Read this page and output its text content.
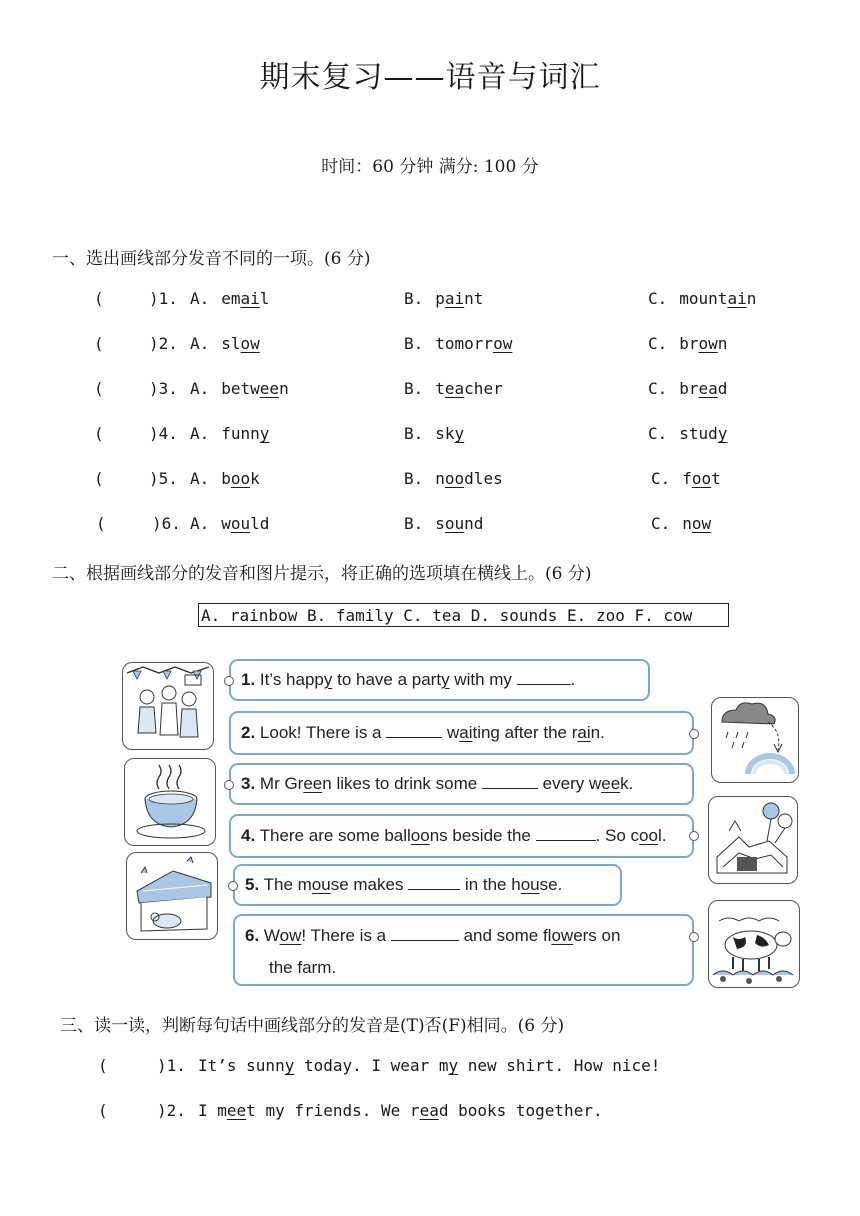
期末复习——语音与词汇
时间：60 分钟 满分: 100 分
一、选出画线部分发音不同的一项。(6 分)
(	)1. A. email	B. paint	C. mountain
(	)2. A. slow	B. tomorrow	C. brown
(	)3. A. between	B. teacher	C. bread
(	)4. A. funny	B. sky	C. study
(	)5. A. book	B. noodles	C. foot
(	)6. A. would	B. sound	C. now
二、根据画线部分的发音和图片提示，将正确的选项填在横线上。(6 分)
A. rainbow B. family C. tea D. sounds E. zoo F. cow
1. It’s happy to have a party with my	.
2. Look! There is a	waiting after the rain.
3. Mr Green likes to drink some	every week.
4. There are some balloons beside the	. So cool.
5. The mouse makes	in the house.
6. Wow! There is a	and some flowers on
the farm.
三、读一读，判断每句话中画线部分的发音是(T)否(F)相同。(6 分)
(	)1. It’s sunny today. I wear my new shirt. How nice!
(	)2. I meet my friends. We read books together.
